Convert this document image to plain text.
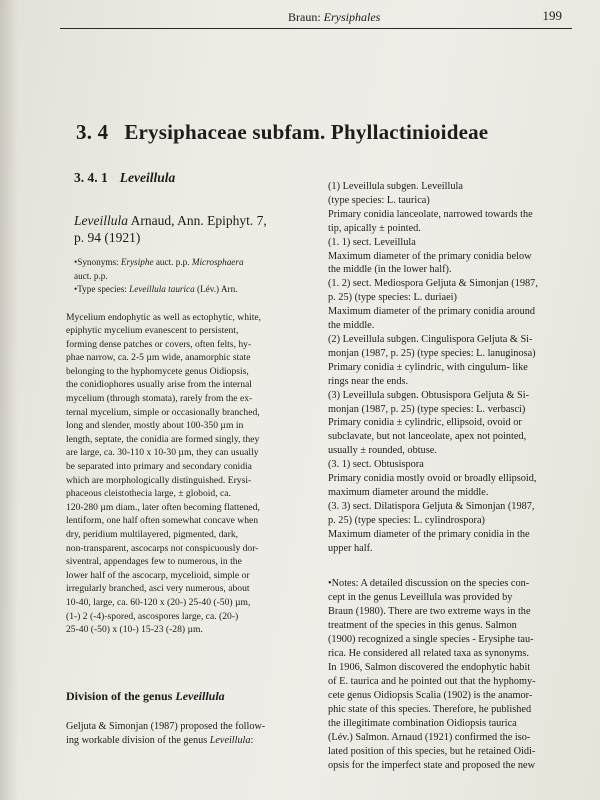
Braun: Erysiphales	199
3. 4 Erysiphaceae subfam. Phyllactinioideae
3. 4. 1 Leveillula
Leveillula Arnaud, Ann. Epiphyt. 7,
p. 94 (1921)

•Synonyms: Erysiphe auct. p.p. Microsphaera
auct. p.p.

•Type species: Leveillula taurica (Lév.) Arn.

Mycelium endophytic as well as ectophytic, white,
epiphytic mycelium evanescent to persistent,
forming dense patches or covers, often felts, hy-
phae narrow, ca. 2-5 µm wide, anamorphic state
belonging to the hyphomycete genus Oidiopsis,
the conidiophores usually arise from the internal
mycelium (through stomata), rarely from the ex-
ternal mycelium, simple or occasionally branched,
long and slender, mostly about 100-350 µm in
length, septate, the conidia are formed singly, they
are large, ca. 30-110 x 10-30 µm, they can usually
be separated into primary and secondary conidia
which are morphologically distinguished. Erysi-
phaceous cleistothecia large, ± globoid, ca.
120-280 µm diam., later often becoming flattened,
lentiform, one half often somewhat concave when
dry, peridium multilayered, pigmented, dark,
non-transparent, ascocarps not conspicuously dor-
siventral, appendages few to numerous, in the
lower half of the ascocarp, mycelioid, simple or
irregularly branched, asci very numerous, about
10-40, large, ca. 60-120 x (20-) 25-40 (-50) µm,
(1-) 2 (-4)-spored, ascospores large, ca. (20-)
25-40 (-50) x (10-) 15-23 (-28) µm.
Division of the genus Leveillula
Geljuta & Simonjan (1987) proposed the follow-
ing workable division of the genus Leveillula:

(1) Leveillula subgen. Leveillula

(type species: L. taurica)

Primary conidia lanceolate, narrowed towards the

tip, apically ± pointed.

(1. 1) sect. Leveillula

Maximum diameter of the primary conidia below

the middle (in the lower half).

(1. 2) sect. Mediospora Geljuta & Simonjan (1987,

p. 25) (type species: L. duriaei)

Maximum diameter of the primary conidia around

the middle.

(2) Leveillula subgen. Cingulispora Geljuta & Si-

monjan (1987, p. 25) (type species: L. lanuginosa)

Primary conidia ± cylindric, with cingulum- like

rings near the ends.

(3) Leveillula subgen. Obtusispora Geljuta & Si-

monjan (1987, p. 25) (type species: L. verbasci)

Primary conidia ± cylindric, ellipsoid, ovoid or

subclavate, but not lanceolate, apex not pointed,

usually ± rounded, obtuse.

(3. 1) sect. Obtusispora

Primary conidia mostly ovoid or broadly ellipsoid,

maximum diameter around the middle.

(3. 3) sect. Dilatispora Geljuta & Simonjan (1987,

p. 25) (type species: L. cylindrospora)

Maximum diameter of the primary conidia in the

upper half.

•Notes: A detailed discussion on the species con-
cept in the genus Leveillula was provided by
Braun (1980). There are two extreme ways in the
treatment of the species in this genus. Salmon
(1900) recognized a single species - Erysiphe tau-
rica. He considered all related taxa as synonyms.
In 1906, Salmon discovered the endophytic habit
of E. taurica and he pointed out that the hyphomy-
cete genus Oidiopsis Scalia (1902) is the anamor-
phic state of this species. Therefore, he published
the illegitimate combination Oidiopsis taurica
(Lév.) Salmon. Arnaud (1921) confirmed the iso-
lated position of this species, but he retained Oidi-
opsis for the imperfect state and proposed the new
